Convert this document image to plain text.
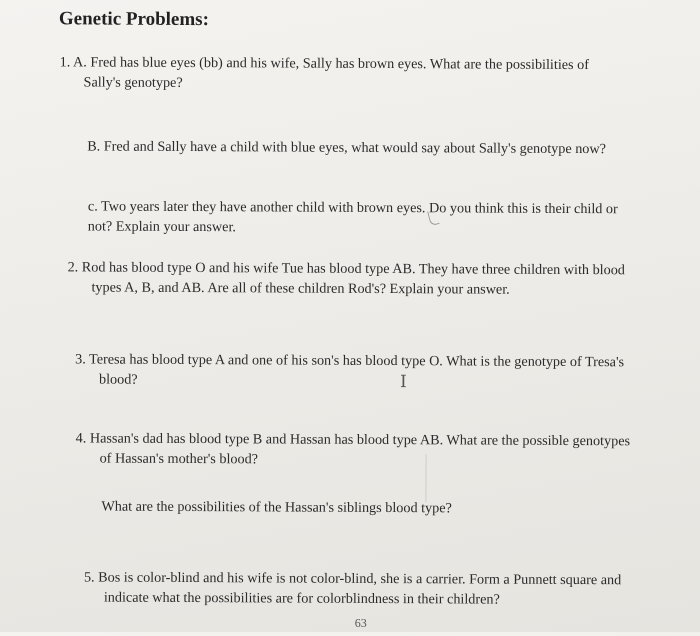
Genetic Problems:
1. A. Fred has blue eyes (bb) and his wife, Sally has brown eyes. What are the possibilities of
Sally's genotype?
B. Fred and Sally have a child with blue eyes, what would say about Sally's genotype now?
c. Two years later they have another child with brown eyes. Do you think this is their child or
not? Explain your answer.
2. Rod has blood type O and his wife Tue has blood type AB. They have three children with blood
types A, B, and AB. Are all of these children Rod's? Explain your answer.
3. Teresa has blood type A and one of his son's has blood type O. What is the genotype of Tresa's
blood?	I
4. Hassan's dad has blood type B and Hassan has blood type AB. What are the possible genotypes
of Hassan's mother's blood?
What are the possibilities of the Hassan's siblings blood type?
5. Bos is color-blind and his wife is not color-blind, she is a carrier. Form a Punnett square and
indicate what the possibilities are for colorblindness in their children?
63
